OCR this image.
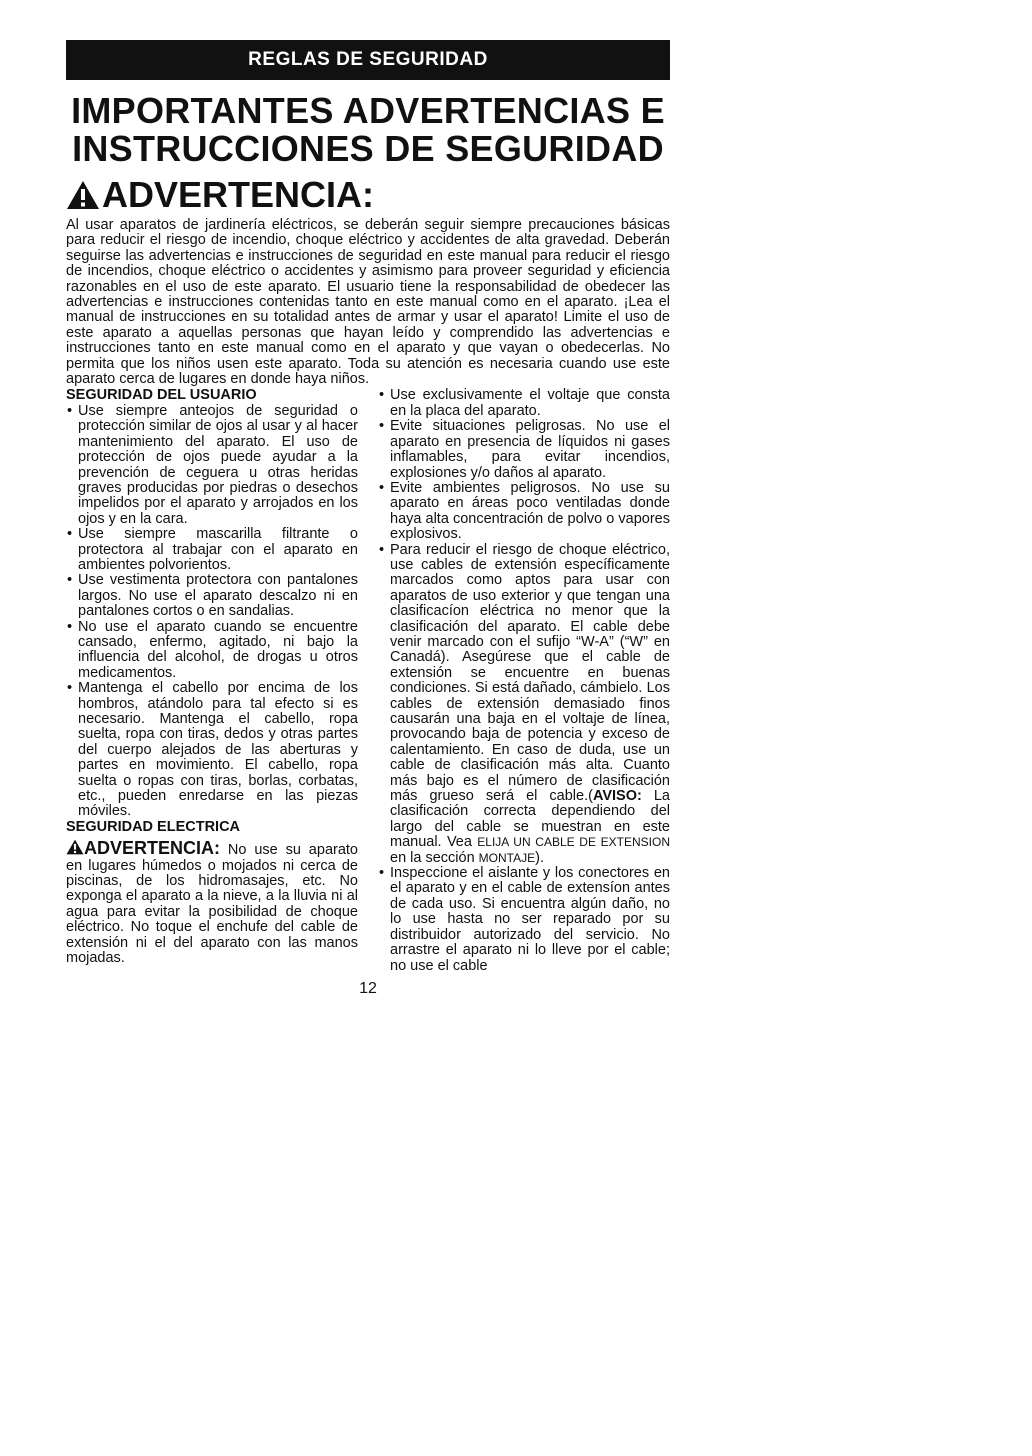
REGLAS DE SEGURIDAD
IMPORTANTES ADVERTENCIAS E
INSTRUCCIONES DE SEGURIDAD
ADVERTENCIA:
Al usar aparatos de jardinería eléctricos, se deberán seguir siempre precauciones básicas para reducir el riesgo de incendio, choque eléctrico y accidentes de alta gravedad. Deberán seguirse las advertencias e instrucciones de seguridad en este manual para reducir el riesgo de incendios, choque eléctrico o accidentes y asimismo para proveer seguridad y eficiencia razonables en el uso de este aparato. El usuario tiene la responsabilidad de obedecer las advertencias e instrucciones contenidas tanto en este manual como en el aparato. ¡Lea el manual de instrucciones en su totalidad antes de armar y usar el aparato! Limite el uso de este aparato a aquellas personas que hayan leído y comprendido las advertencias e instrucciones tanto en este manual como en el aparato y que vayan o obedecerlas. No permita que los niños usen este aparato. Toda su atención es necesaria cuando use este aparato cerca de lugares en donde haya niños.
SEGURIDAD DEL USUARIO
• Use siempre anteojos de seguridad o protección similar de ojos al usar y al hacer mantenimiento del aparato. El uso de protección de ojos puede ayudar a la prevención de ceguera u otras heridas graves producidas por piedras o desechos impelidos por el aparato y arrojados en los ojos y en la cara.
• Use siempre mascarilla filtrante o protectora al trabajar con el aparato en ambientes polvorientos.
• Use vestimenta protectora con pantalones largos. No use el aparato descalzo ni en pantalones cortos o en sandalias.
• No use el aparato cuando se encuentre cansado, enfermo, agitado, ni bajo la influencia del alcohol, de drogas u otros medicamentos.
• Mantenga el cabello por encima de los hombros, atándolo para tal efecto si es necesario. Mantenga el cabello, ropa suelta, ropa con tiras, dedos y otras partes del cuerpo alejados de las aberturas y partes en movimiento. El cabello, ropa suelta o ropas con tiras, borlas, corbatas, etc., pueden enredarse en las piezas móviles.
SEGURIDAD ELECTRICA
ADVERTENCIA: No use su aparato en lugares húmedos o mojados ni cerca de piscinas, de los hidromasajes, etc. No exponga el aparato a la nieve, a la lluvia ni al agua para evitar la posibilidad de choque eléctrico. No toque el enchufe del cable de extensión ni el del aparato con las manos mojadas.
• Use exclusivamente el voltaje que consta en la placa del aparato.
• Evite situaciones peligrosas. No use el aparato en presencia de líquidos ni gases inflamables, para evitar incendios, explosiones y/o daños al aparato.
• Evite ambientes peligrosos. No use su aparato en áreas poco ventiladas donde haya alta concentración de polvo o vapores explosivos.
• Para reducir el riesgo de choque eléctrico, use cables de extensión específicamente marcados como aptos para usar con aparatos de uso exterior y que tengan una clasificacíon eléctrica no menor que la clasificación del aparato. El cable debe venir marcado con el sufijo “W-A” (“W” en Canadá). Asegúrese que el cable de extensión se encuentre en buenas condiciones. Si está dañado, cámbielo. Los cables de extensión demasiado finos causarán una baja en el voltaje de línea, provocando baja de potencia y exceso de calentamiento. En caso de duda, use un cable de clasificación más alta. Cuanto más bajo es el número de clasificación más grueso será el cable.(AVISO: La clasificación correcta dependiendo del largo del cable se muestran en este manual. Vea ELIJA UN CABLE DE EXTENSION en la sección MONTAJE).
• Inspeccione el aislante y los conectores en el aparato y en el cable de extensíon antes de cada uso. Si encuentra algún daño, no lo use hasta no ser reparado por su distribuidor autorizado del servicio. No arrastre el aparato ni lo lleve por el cable; no use el cable
12
